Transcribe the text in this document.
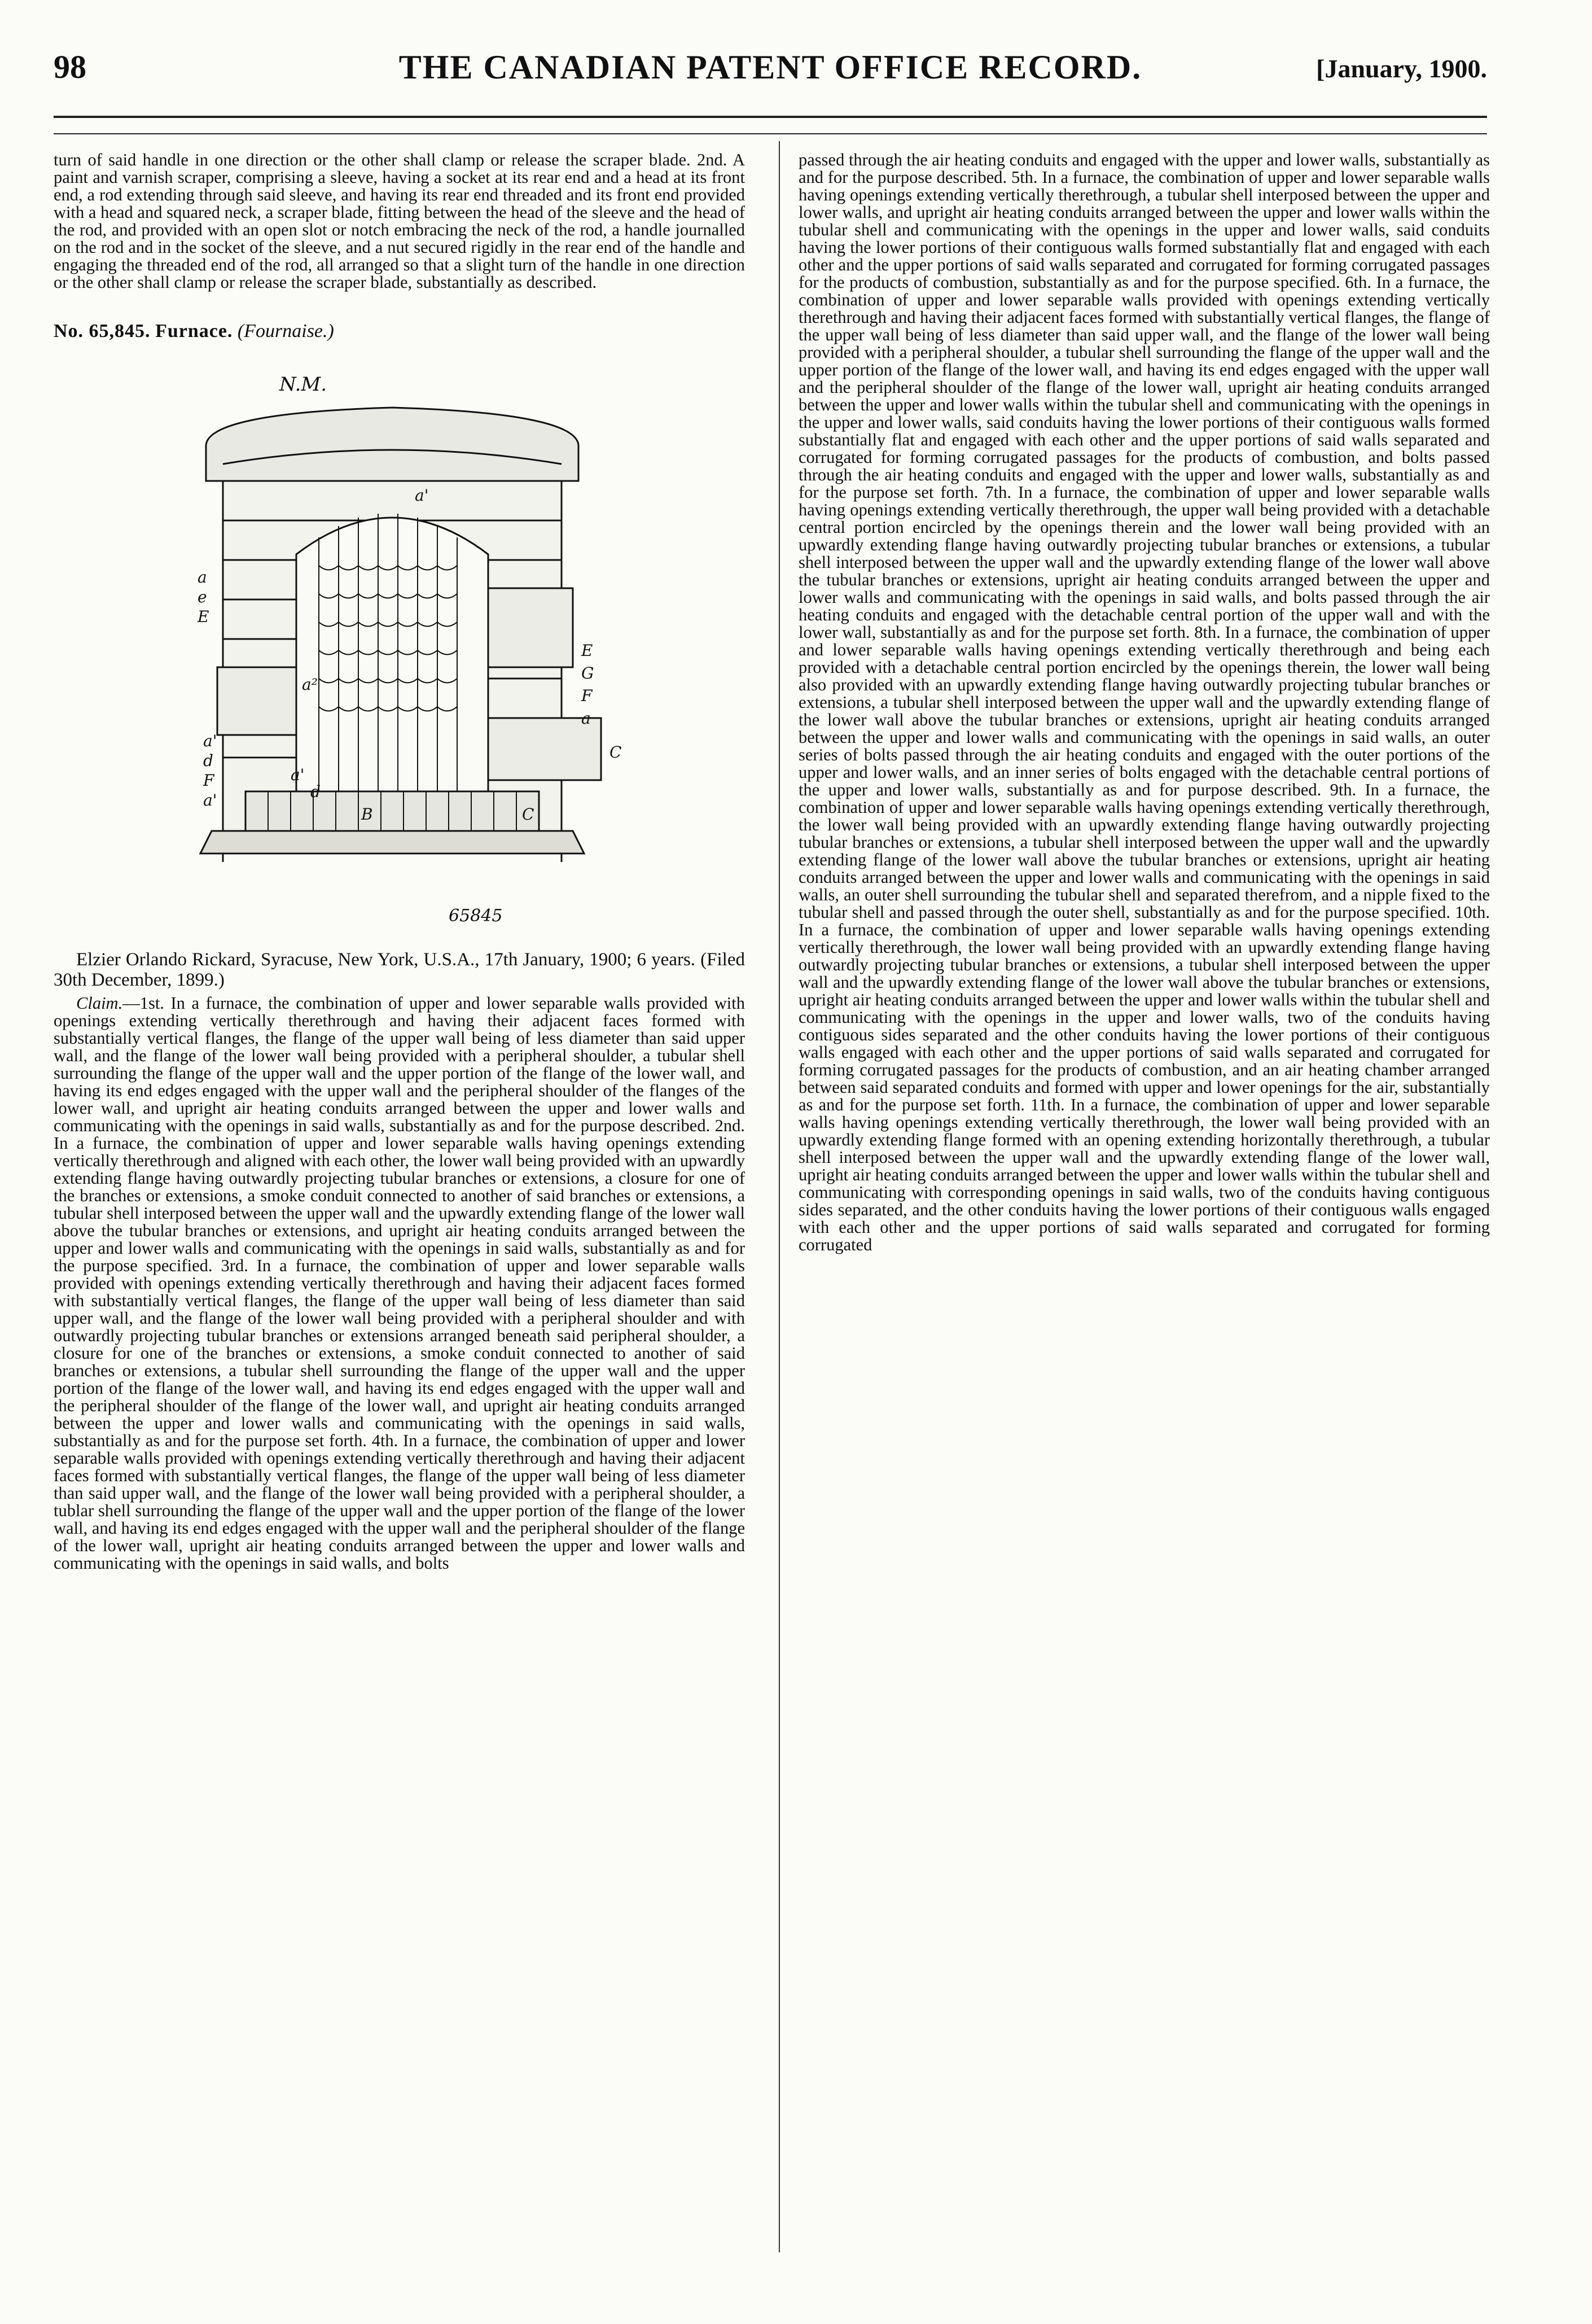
98	THE CANADIAN PATENT OFFICE RECORD.	[January, 1900.

turn of said handle in one direction or the other shall clamp or release the scraper blade. 2nd. A paint and varnish scraper, comprising a sleeve, having a socket at its rear end and a head at its front end, a rod extending through said sleeve, and having its rear end threaded and its front end provided with a head and squared neck, a scraper blade, fitting between the head of the sleeve and the head of the rod, and provided with an open slot or notch embracing the neck of the rod, a handle journalled on the rod and in the socket of the sleeve, and a nut secured rigidly in the rear end of the handle and engaging the threaded end of the rod, all arranged so that a slight turn of the handle in one direction or the other shall clamp or release the scraper blade, substantially as described.

No. 65,845. Furnace. (Fournaise.)

N.M.
a'
a
e
E
a²
a'
d
F
a'
a'
d
E
G
F
a
C
B	C
65845

Elzier Orlando Rickard, Syracuse, New York, U.S.A., 17th January, 1900; 6 years. (Filed 30th December, 1899.)

Claim.—1st. In a furnace, the combination of upper and lower separable walls provided with openings extending vertically therethrough and having their adjacent faces formed with substantially vertical flanges, the flange of the upper wall being of less diameter than said upper wall, and the flange of the lower wall being provided with a peripheral shoulder, a tubular shell surrounding the flange of the upper wall and the upper portion of the flange of the lower wall, and having its end edges engaged with the upper wall and the peripheral shoulder of the flanges of the lower wall, and upright air heating conduits arranged between the upper and lower walls and communicating with the openings in said walls, substantially as and for the purpose described. 2nd. In a furnace, the combination of upper and lower separable walls having openings extending vertically therethrough and aligned with each other, the lower wall being provided with an upwardly extending flange having outwardly projecting tubular branches or extensions, a closure for one of the branches or extensions, a smoke conduit connected to another of said branches or extensions, a tubular shell interposed between the upper wall and the upwardly extending flange of the lower wall above the tubular branches or extensions, and upright air heating conduits arranged between the upper and lower walls and communicating with the openings in said walls, substantially as and for the purpose specified. 3rd. In a furnace, the combination of upper and lower separable walls provided with openings extending vertically therethrough and having their adjacent faces formed with substantially vertical flanges, the flange of the upper wall being of less diameter than said upper wall, and the flange of the lower wall being provided with a peripheral shoulder and with outwardly projecting tubular branches or extensions arranged beneath said peripheral shoulder, a closure for one of the branches or extensions, a smoke conduit connected to another of said branches or extensions, a tubular shell surrounding the flange of the upper wall and the upper portion of the flange of the lower wall, and having its end edges engaged with the upper wall and the peripheral shoulder of the flange of the lower wall, and upright air heating conduits arranged between the upper and lower walls and communicating with the openings in said walls, substantially as and for the purpose set forth. 4th. In a furnace, the combination of upper and lower separable walls provided with openings extending vertically therethrough and having their adjacent faces formed with substantially vertical flanges, the flange of the upper wall being of less diameter than said upper wall, and the flange of the lower wall being provided with a peripheral shoulder, a tublar shell surrounding the flange of the upper wall and the upper portion of the flange of the lower wall, and having its end edges engaged with the upper wall and the peripheral shoulder of the flange of the lower wall, upright air heating conduits arranged between the upper and lower walls and communicating with the openings in said walls, and bolts

passed through the air heating conduits and engaged with the upper and lower walls, substantially as and for the purpose described. 5th. In a furnace, the combination of upper and lower separable walls having openings extending vertically therethrough, a tubular shell interposed between the upper and lower walls, and upright air heating conduits arranged between the upper and lower walls within the tubular shell and communicating with the openings in the upper and lower walls, said conduits having the lower portions of their contiguous walls formed substantially flat and engaged with each other and the upper portions of said walls separated and corrugated for forming corrugated passages for the products of combustion, substantially as and for the purpose specified. 6th. In a furnace, the combination of upper and lower separable walls provided with openings extending vertically therethrough and having their adjacent faces formed with substantially vertical flanges, the flange of the upper wall being of less diameter than said upper wall, and the flange of the lower wall being provided with a peripheral shoulder, a tubular shell surrounding the flange of the upper wall and the upper portion of the flange of the lower wall, and having its end edges engaged with the upper wall and the peripheral shoulder of the flange of the lower wall, upright air heating conduits arranged between the upper and lower walls within the tubular shell and communicating with the openings in the upper and lower walls, said conduits having the lower portions of their contiguous walls formed substantially flat and engaged with each other and the upper portions of said walls separated and corrugated for forming corrugated passages for the products of combustion, and bolts passed through the air heating conduits and engaged with the upper and lower walls, substantially as and for the purpose set forth. 7th. In a furnace, the combination of upper and lower separable walls having openings extending vertically therethrough, the upper wall being provided with a detachable central portion encircled by the openings therein and the lower wall being provided with an upwardly extending flange having outwardly projecting tubular branches or extensions, a tubular shell interposed between the upper wall and the upwardly extending flange of the lower wall above the tubular branches or extensions, upright air heating conduits arranged between the upper and lower walls and communicating with the openings in said walls, and bolts passed through the air heating conduits and engaged with the detachable central portion of the upper wall and with the lower wall, substantially as and for the purpose set forth. 8th. In a furnace, the combination of upper and lower separable walls having openings extending vertically therethrough and being each provided with a detachable central portion encircled by the openings therein, the lower wall being also provided with an upwardly extending flange having outwardly projecting tubular branches or extensions, a tubular shell interposed between the upper wall and the upwardly extending flange of the lower wall above the tubular branches or extensions, upright air heating conduits arranged between the upper and lower walls and communicating with the openings in said walls, an outer series of bolts passed through the air heating conduits and engaged with the outer portions of the upper and lower walls, and an inner series of bolts engaged with the detachable central portions of the upper and lower walls, substantially as and for purpose described. 9th. In a furnace, the combination of upper and lower separable walls having openings extending vertically therethrough, the lower wall being provided with an upwardly extending flange having outwardly projecting tubular branches or extensions, a tubular shell interposed between the upper wall and the upwardly extending flange of the lower wall above the tubular branches or extensions, upright air heating conduits arranged between the upper and lower walls and communicating with the openings in said walls, an outer shell surrounding the tubular shell and separated therefrom, and a nipple fixed to the tubular shell and passed through the outer shell, substantially as and for the purpose specified. 10th. In a furnace, the combination of upper and lower separable walls having openings extending vertically therethrough, the lower wall being provided with an upwardly extending flange having outwardly projecting tubular branches or extensions, a tubular shell interposed between the upper wall and the upwardly extending flange of the lower wall above the tubular branches or extensions, upright air heating conduits arranged between the upper and lower walls within the tubular shell and communicating with the openings in the upper and lower walls, two of the conduits having contiguous sides separated and the other conduits having the lower portions of their contiguous walls engaged with each other and the upper portions of said walls separated and corrugated for forming corrugated passages for the products of combustion, and an air heating chamber arranged between said separated conduits and formed with upper and lower openings for the air, substantially as and for the purpose set forth. 11th. In a furnace, the combination of upper and lower separable walls having openings extending vertically therethrough, the lower wall being provided with an upwardly extending flange formed with an opening extending horizontally therethrough, a tubular shell interposed between the upper wall and the upwardly extending flange of the lower wall, upright air heating conduits arranged between the upper and lower walls within the tubular shell and communicating with corresponding openings in said walls, two of the conduits having contiguous sides separated, and the other conduits having the lower portions of their contiguous walls engaged with each other and the upper portions of said walls separated and corrugated for forming corrugated
